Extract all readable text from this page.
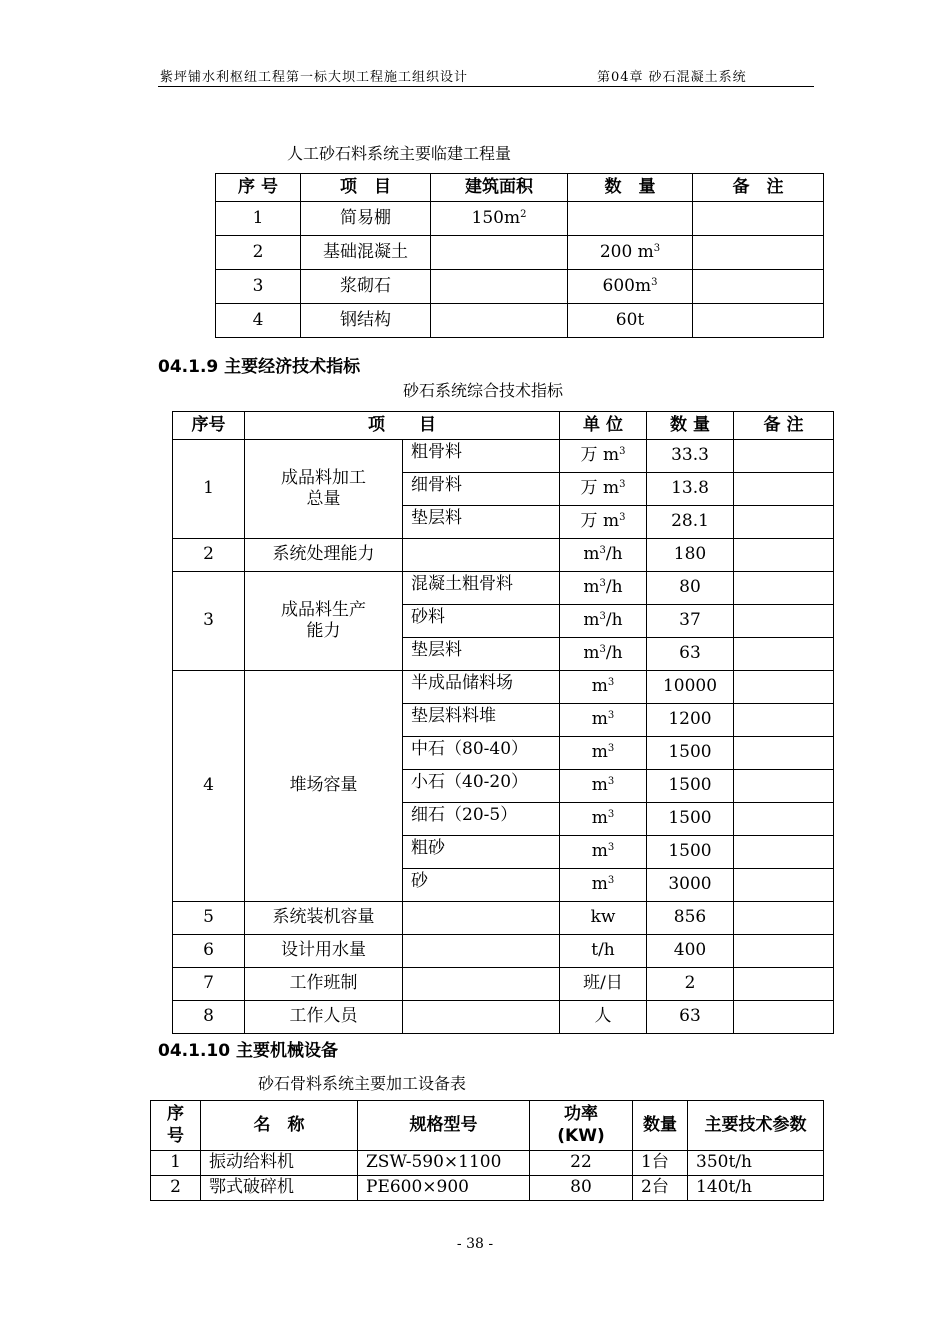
紫坪铺水利枢纽工程第一标大坝工程施工组织设计	第04章 砂石混凝土系统
人工砂石料系统主要临建工程量
序 号	项　目	建筑面积	数　量	备　注
1	简易棚	$150m^2$		
2	基础混凝土		200 $m^3$	
3	浆砌石		$600m^3$	
4	钢结构		60t	
04.1.9 主要经济技术指标
砂石系统综合技术指标
序号	项　　目		单 位	数 量	备 注
1	成品料加工总量	粗骨料	万 $m^3$	33.3	
		细骨料	万 $m^3$	13.8	
		垫层料	万 $m^3$	28.1	
2	系统处理能力		$m^3/h$	180	
3	成品料生产能力	混凝土粗骨料	$m^3/h$	80	
		砂料	$m^3/h$	37	
		垫层料	$m^3/h$	63	
4	堆场容量	半成品储料场	$m^3$	10000	
		垫层料料堆	$m^3$	1200	
		中石（80-40）	$m^3$	1500	
		小石（40-20）	$m^3$	1500	
		细石（20-5）	$m^3$	1500	
		粗砂	$m^3$	1500	
		砂	$m^3$	3000	
5	系统装机容量		kw	856	
6	设计用水量		t/h	400	
7	工作班制		班/日	2	
8	工作人员		人	63	
04.1.10 主要机械设备
砂石骨料系统主要加工设备表
序号	名　称	规格型号	功率(KW)	数量	主要技术参数
1	振动给料机	ZSW-590×1100	22	1台	350t/h
2	鄂式破碎机	PE600×900	80	2台	140t/h
- 38 -
